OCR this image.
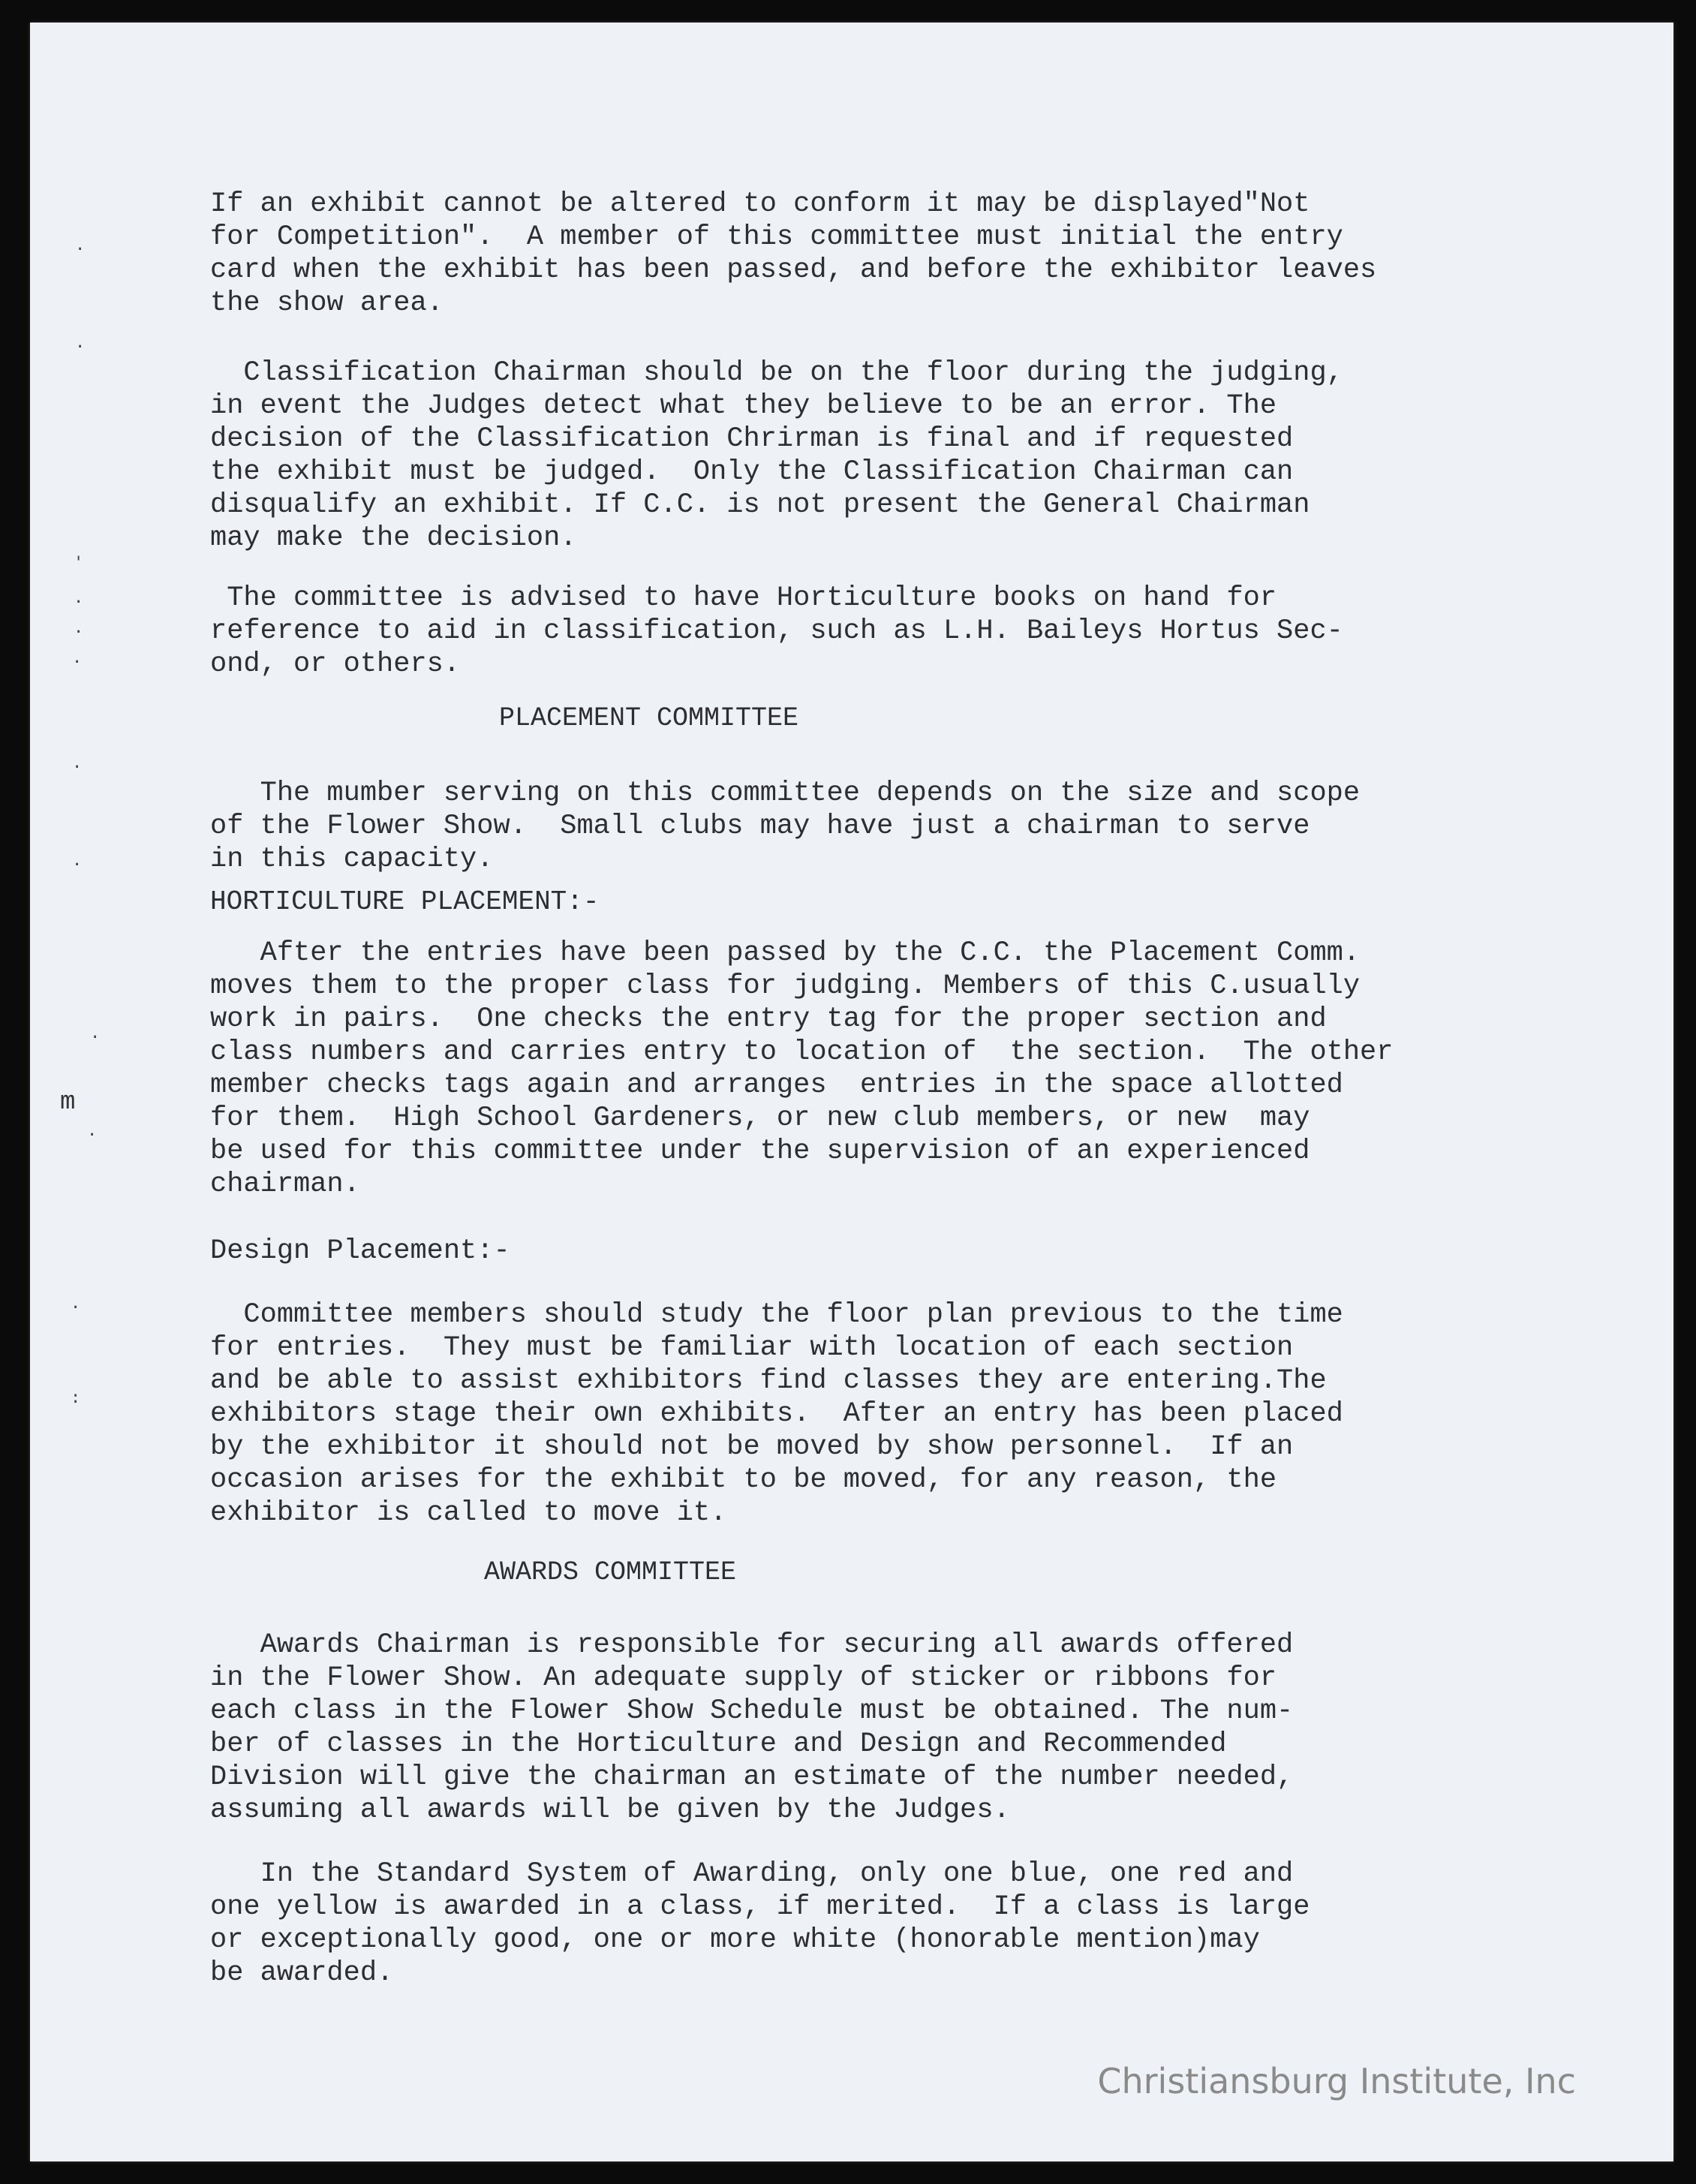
If an exhibit cannot be altered to conform it may be displayed"Not
for Competition".  A member of this committee must initial the entry
card when the exhibit has been passed, and before the exhibitor leaves
the show area.
Classification Chairman should be on the floor during the judging,
in event the Judges detect what they believe to be an error. The
decision of the Classification Chrirman is final and if requested
the exhibit must be judged.  Only the Classification Chairman can
disqualify an exhibit. If C.C. is not present the General Chairman
may make the decision.
The committee is advised to have Horticulture books on hand for
reference to aid in classification, such as L.H. Baileys Hortus Sec-
ond, or others.
PLACEMENT COMMITTEE
The mumber serving on this committee depends on the size and scope
of the Flower Show.  Small clubs may have just a chairman to serve
in this capacity.
HORTICULTURE PLACEMENT:-
After the entries have been passed by the C.C. the Placement Comm.
moves them to the proper class for judging. Members of this C.usually
work in pairs.  One checks the entry tag for the proper section and
class numbers and carries entry to location of  the section.  The other
member checks tags again and arranges  entries in the space allotted
for them.  High School Gardeners, or new club members, or new  may
be used for this committee under the supervision of an experienced
chairman.
Design Placement:-
Committee members should study the floor plan previous to the time
for entries.  They must be familiar with location of each section
and be able to assist exhibitors find classes they are entering.The
exhibitors stage their own exhibits.  After an entry has been placed
by the exhibitor it should not be moved by show personnel.  If an
occasion arises for the exhibit to be moved, for any reason, the
exhibitor is called to move it.
AWARDS COMMITTEE
Awards Chairman is responsible for securing all awards offered
in the Flower Show. An adequate supply of sticker or ribbons for
each class in the Flower Show Schedule must be obtained. The num-
ber of classes in the Horticulture and Design and Recommended
Division will give the chairman an estimate of the number needed,
assuming all awards will be given by the Judges.
In the Standard System of Awarding, only one blue, one red and
one yellow is awarded in a class, if merited.  If a class is large
or exceptionally good, one or more white (honorable mention)may
be awarded.
·
·
'
·
·
·
·
·
·
·
·
:
m
Christiansburg Institute, Inc
